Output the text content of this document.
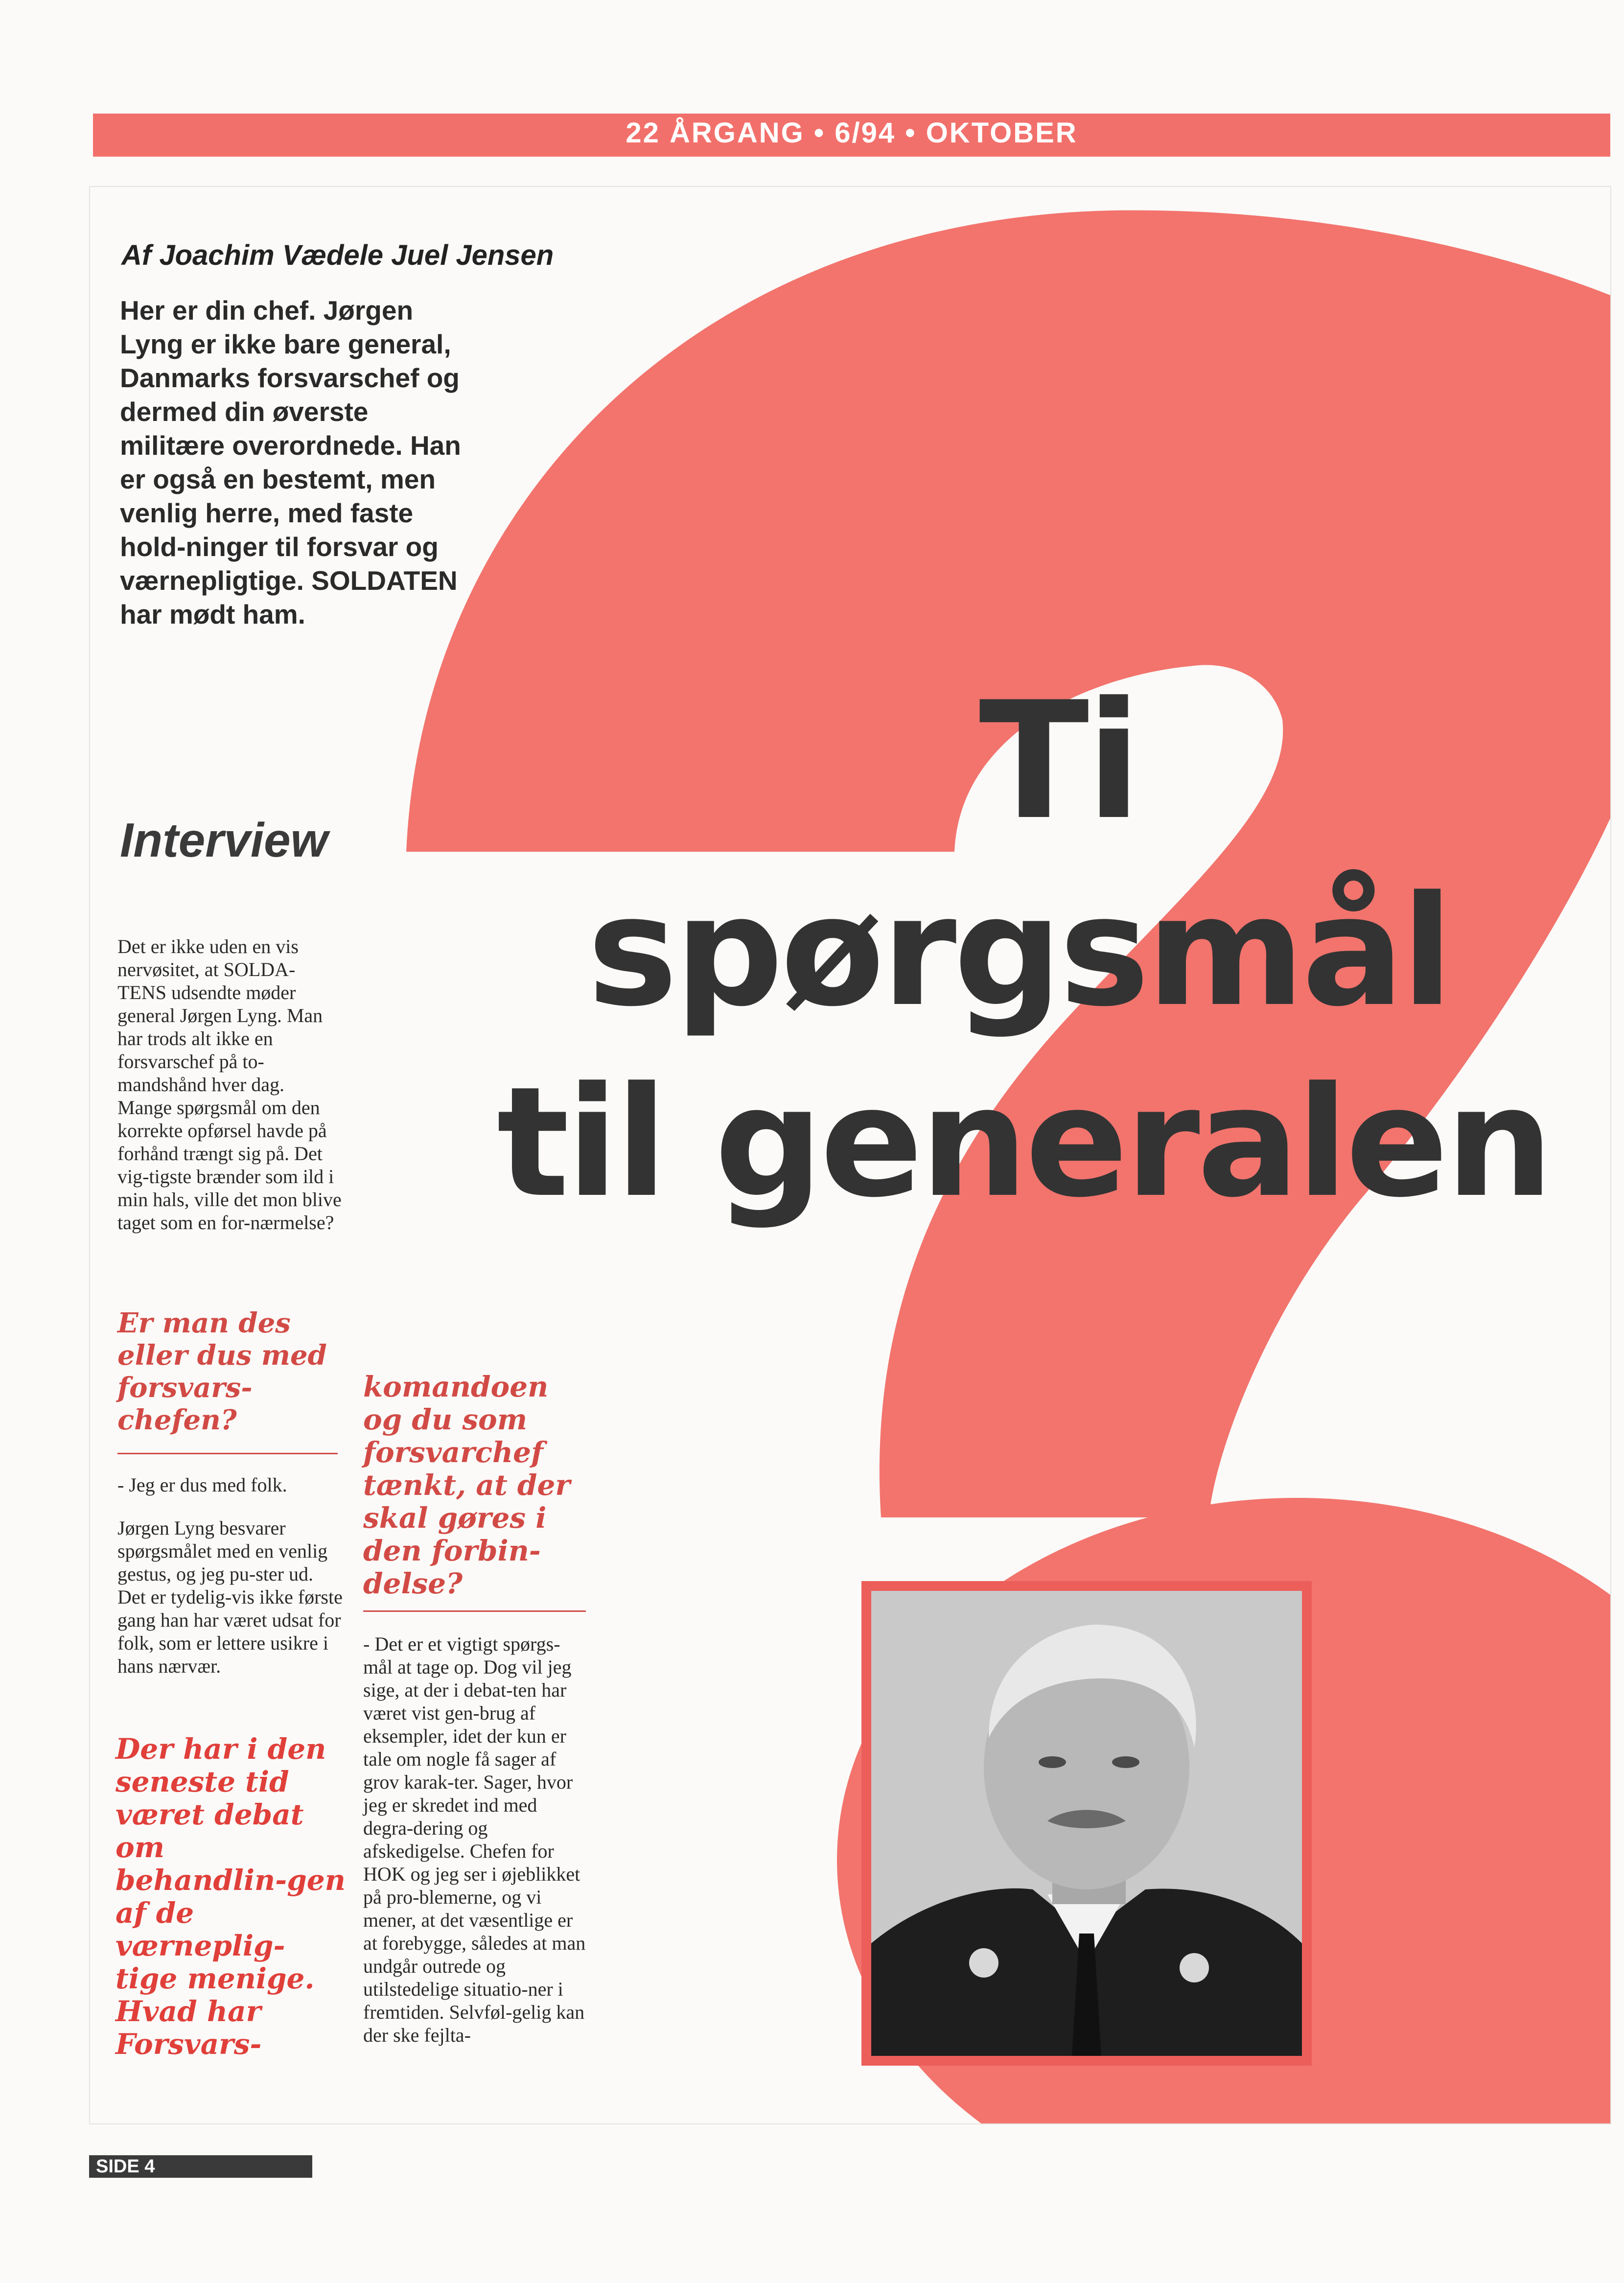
22 ÅRGANG • 6/94 • OKTOBER
Af Joachim Vædele Juel Jensen
Her er din chef. Jørgen Lyng er ikke bare general, Danmarks forsvarschef og dermed din øverste militære overordnede. Han er også en bestemt, men venlig herre, med faste hold-ninger til forsvar og værnepligtige. SOLDATEN har mødt ham.
Interview	Ti
spørgsmål
til generalen
Det er ikke uden en vis nervøsitet, at SOLDA-TENS udsendte møder general Jørgen Lyng. Man har trods alt ikke en forsvarschef på to-mandshånd hver dag. Mange spørgsmål om den korrekte opførsel havde på forhånd trængt sig på. Det vig-tigste brænder som ild i min hals, ville det mon blive taget som en for-nærmelse?
Er man des eller dus med forsvars-chefen?
- Jeg er dus med folk.
Jørgen Lyng besvarer spørgsmålet med en venlig gestus, og jeg pu-ster ud. Det er tydelig-vis ikke første gang han har været udsat for folk, som er lettere usikre i hans nærvær.
Der har i den seneste tid været debat om behandlin-gen af de værneplig-tige menige. Hvad har Forsvars-
komandoen og du som forsvarchef tænkt, at der skal gøres i den forbin-delse?
- Det er et vigtigt spørgs-mål at tage op. Dog vil jeg sige, at der i debat-ten har været vist gen-brug af eksempler, idet der kun er tale om nogle få sager af grov karak-ter. Sager, hvor jeg er skredet ind med degra-dering og afskedigelse. Chefen for HOK og jeg ser i øjeblikket på pro-blemerne, og vi mener, at det væsentlige er at forebygge, således at man undgår outrede og utilstedelige situatio-ner i fremtiden. Selvføl-gelig kan der ske fejlta-
SIDE 4
